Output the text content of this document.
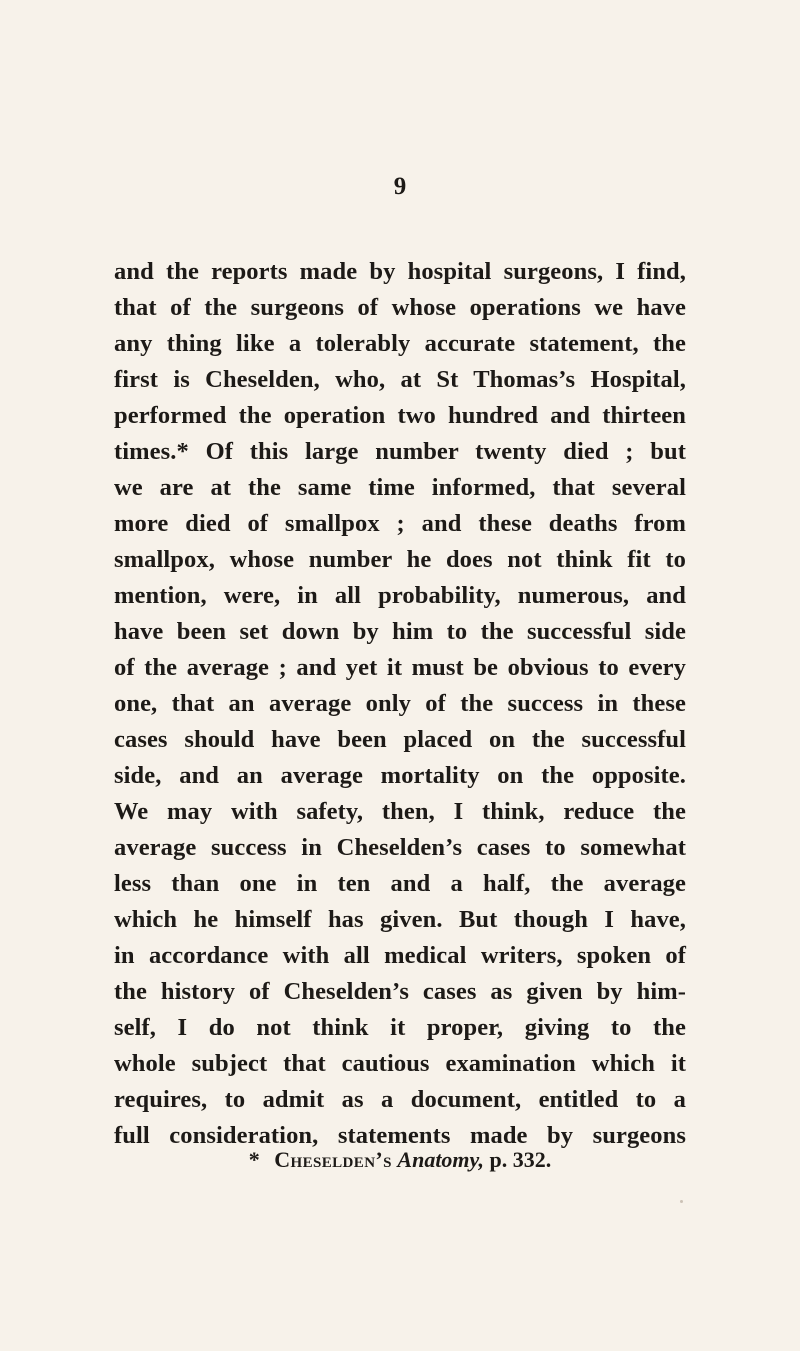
9
and the reports made by hospital surgeons, I find,
that of the surgeons of whose operations we have
any thing like a tolerably accurate statement, the
first is Cheselden, who, at St Thomas’s Hospital,
performed the operation two hundred and thirteen
times.* Of this large number twenty died ; but
we are at the same time informed, that several
more died of smallpox ; and these deaths from
smallpox, whose number he does not think fit to
mention, were, in all probability, numerous, and
have been set down by him to the successful side
of the average ; and yet it must be obvious to every
one, that an average only of the success in these
cases should have been placed on the successful
side, and an average mortality on the opposite.
We may with safety, then, I think, reduce the
average success in Cheselden’s cases to somewhat
less than one in ten and a half, the average
which he himself has given. But though I have,
in accordance with all medical writers, spoken of
the history of Cheselden’s cases as given by him-
self, I do not think it proper, giving to the
whole subject that cautious examination which it
requires, to admit as a document, entitled to a
full consideration, statements made by surgeons
* Cheselden’s Anatomy, p. 332.
